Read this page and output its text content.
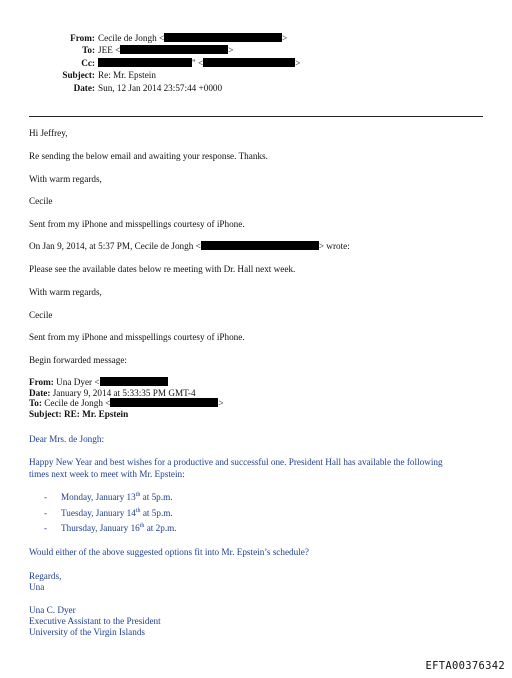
From: Cecile de Jongh <	>
To: JEE <	>
Cc:	" <	>
Subject: Re: Mr. Epstein
Date: Sun, 12 Jan 2014 23:57:44 +0000
Hi Jeffrey,
Re sending the below email and awaiting your response. Thanks.
With warm regards,
Cecile
Sent from my iPhone and misspellings courtesy of iPhone.
On Jan 9, 2014, at 5:37 PM, Cecile de Jongh <	> wrote:
Please see the available dates below re meeting with Dr. Hall next week.
With warm regards,
Cecile
Sent from my iPhone and misspellings courtesy of iPhone.
Begin forwarded message:
From: Una Dyer <
Date: January 9, 2014 at 5:33:35 PM GMT-4
To: Cecile de Jongh <	>
Subject: RE: Mr. Epstein
Dear Mrs. de Jongh:
Happy New Year and best wishes for a productive and successful one. President Hall has available the following
times next week to meet with Mr. Epstein:
- Monday, January 13th at 5p.m.
- Tuesday, January 14th at 5p.m.
- Thursday, January 16th at 2p.m.
Would either of the above suggested options fit into Mr. Epstein’s schedule?
Regards,
Una
Una C. Dyer
Executive Assistant to the President
University of the Virgin Islands
EFTA00376342
